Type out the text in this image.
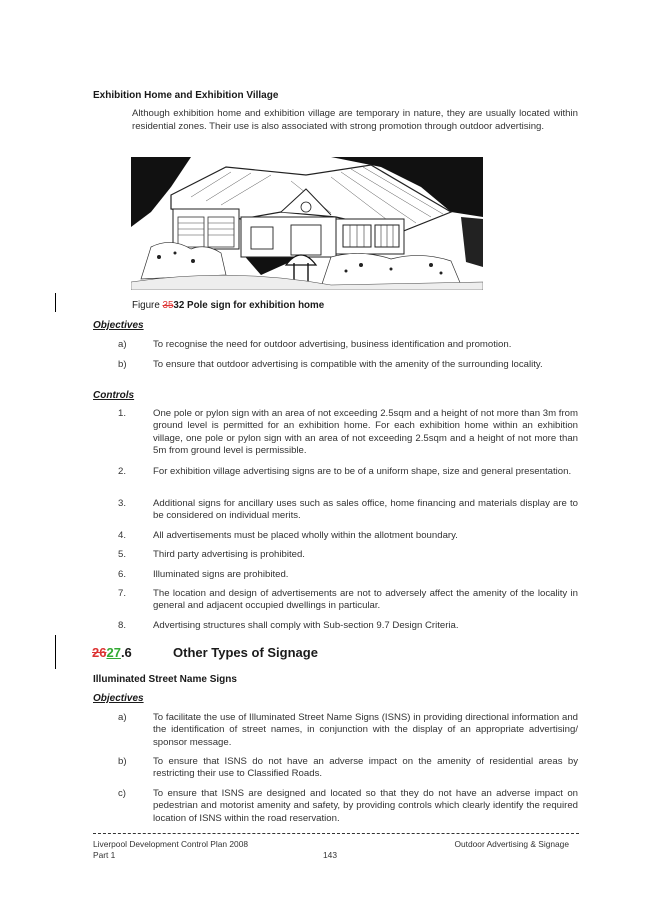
Exhibition Home and Exhibition Village
Although exhibition home and exhibition village are temporary in nature, they are usually located within residential zones. Their use is also associated with strong promotion through outdoor advertising.
Figure 3532 Pole sign for exhibition home
Objectives
a)	To recognise the need for outdoor advertising, business identification and promotion.
b)	To ensure that outdoor advertising is compatible with the amenity of the surrounding locality.
Controls
1.	One pole or pylon sign with an area of not exceeding 2.5sqm and a height of not more than 3m from ground level is permitted for an exhibition home. For each exhibition home within an exhibition village, one pole or pylon sign with an area of not exceeding 2.5sqm and a height of not more than 5m from ground level is permissible.
2.	For exhibition village advertising signs are to be of a uniform shape, size and general presentation.
3.	Additional signs for ancillary uses such as sales office, home financing and materials display are to be considered on individual merits.
4.	All advertisements must be placed wholly within the allotment boundary.
5.	Third party advertising is prohibited.
6.	Illuminated signs are prohibited.
7.	The location and design of advertisements are not to adversely affect the amenity of the locality in general and adjacent occupied dwellings in particular.
8.	Advertising structures shall comply with Sub-section 9.7 Design Criteria.
2627.6	Other Types of Signage
Illuminated Street Name Signs
Objectives
a)	To facilitate the use of Illuminated Street Name Signs (ISNS) in providing directional information and the identification of street names, in conjunction with the display of an appropriate advertising/ sponsor message.
b)	To ensure that ISNS do not have an adverse impact on the amenity of residential areas by restricting their use to Classified Roads.
c)	To ensure that ISNS are designed and located so that they do not have an adverse impact on pedestrian and motorist amenity and safety, by providing controls which clearly identify the required location of ISNS within the road reservation.
Liverpool Development Control Plan 2008
Part 1	143
Outdoor Advertising & Signage
